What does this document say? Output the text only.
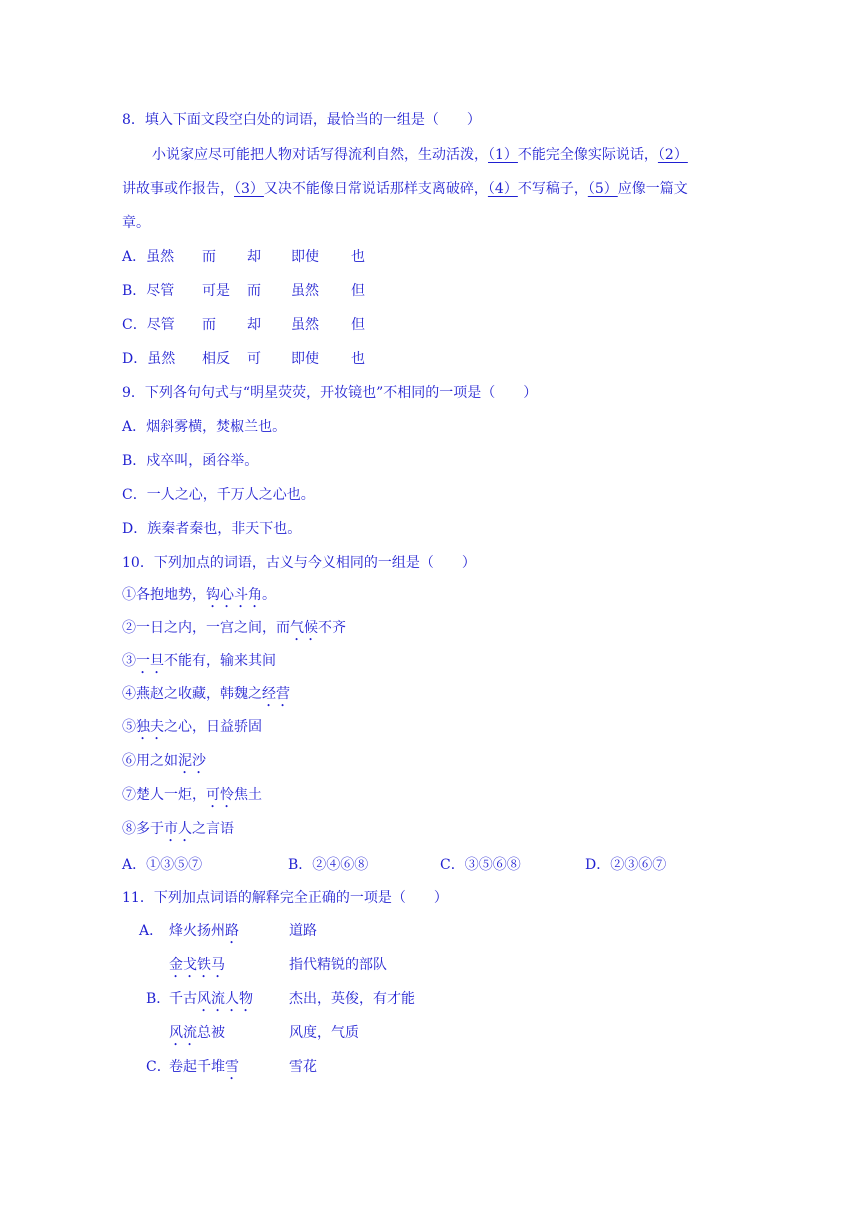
8．填入下面文段空白处的词语，最恰当的一组是（　　）
小说家应尽可能把人物对话写得流利自然，生动活泼，（1）不能完全像实际说话，（2）
讲故事或作报告，（3）又决不能像日常说话那样支离破碎，（4）不写稿子，（5）应像一篇文
章。
A．虽然 而 却 即使 也
B．尽管 可是 而 虽然 但
C．尽管 而 却 虽然 但
D．虽然 相反 可 即使 也
9．下列各句句式与“明星荧荧，开妆镜也”不相同的一项是（　　）
A．烟斜雾横，焚椒兰也。
B．戍卒叫，函谷举。
C．一人之心，千万人之心也。
D．族秦者秦也，非天下也。
10．下列加点的词语，古义与今义相同的一组是（　　）
①各抱地势，钩心斗角。
②一日之内，一宫之间，而气候不齐
③一旦不能有，输来其间
④燕赵之收藏，韩魏之经营
⑤独夫之心，日益骄固
⑥用之如泥沙
⑦楚人一炬，可怜焦土
⑧多于市人之言语
A．①③⑤⑦	B．②④⑥⑧	C．③⑤⑥⑧	D．②③⑥⑦
11．下列加点词语的解释完全正确的一项是（　　）
A． 烽火扬州路	道路
金戈铁马	指代精锐的部队
B．千古风流人物	杰出，英俊，有才能
风流总被	风度，气质
C．卷起千堆雪	雪花
